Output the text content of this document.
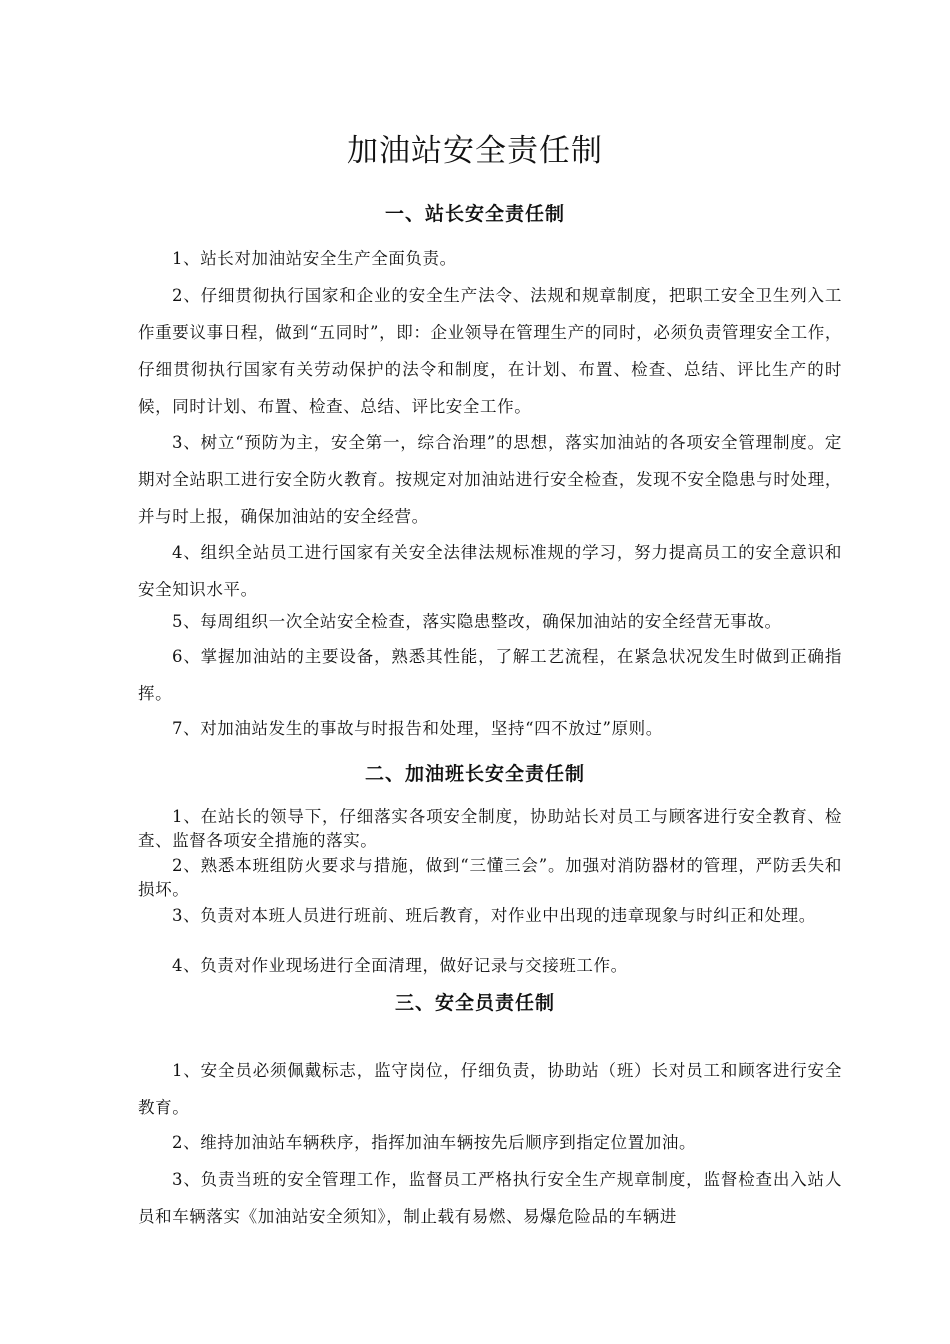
加油站安全责任制
一、站长安全责任制

1、站长对加油站安全生产全面负责。

2、仔细贯彻执行国家和企业的安全生产法令、法规和规章制度，把职工安全卫生列入工作重要议事日程，做到“五同时”，即：企业领导在管理生产的同时，必须负责管理安全工作，仔细贯彻执行国家有关劳动保护的法令和制度，在计划、布置、检查、总结、评比生产的时候，同时计划、布置、检查、总结、评比安全工作。

3、树立“预防为主，安全第一，综合治理”的思想，落实加油站的各项安全管理制度。定期对全站职工进行安全防火教育。按规定对加油站进行安全检查，发现不安全隐患与时处理，并与时上报，确保加油站的安全经营。

4、组织全站员工进行国家有关安全法律法规标准规的学习，努力提高员工的安全意识和安全知识水平。

5、每周组织一次全站安全检查，落实隐患整改，确保加油站的安全经营无事故。

6、掌握加油站的主要设备，熟悉其性能，了解工艺流程，在紧急状况发生时做到正确指挥。

7、对加油站发生的事故与时报告和处理，坚持“四不放过”原则。

二、加油班长安全责任制

1、在站长的领导下，仔细落实各项安全制度，协助站长对员工与顾客进行安全教育、检查、监督各项安全措施的落实。

2、熟悉本班组防火要求与措施，做到“三懂三会”。加强对消防器材的管理，严防丢失和损坏。

3、负责对本班人员进行班前、班后教育，对作业中出现的违章现象与时纠正和处理。

4、负责对作业现场进行全面清理，做好记录与交接班工作。

三、安全员责任制

1、安全员必须佩戴标志，监守岗位，仔细负责，协助站（班）长对员工和顾客进行安全教育。

2、维持加油站车辆秩序，指挥加油车辆按先后顺序到指定位置加油。

3、负责当班的安全管理工作，监督员工严格执行安全生产规章制度，监督检查出入站人员和车辆落实《加油站安全须知》，制止载有易燃、易爆危险品的车辆进
